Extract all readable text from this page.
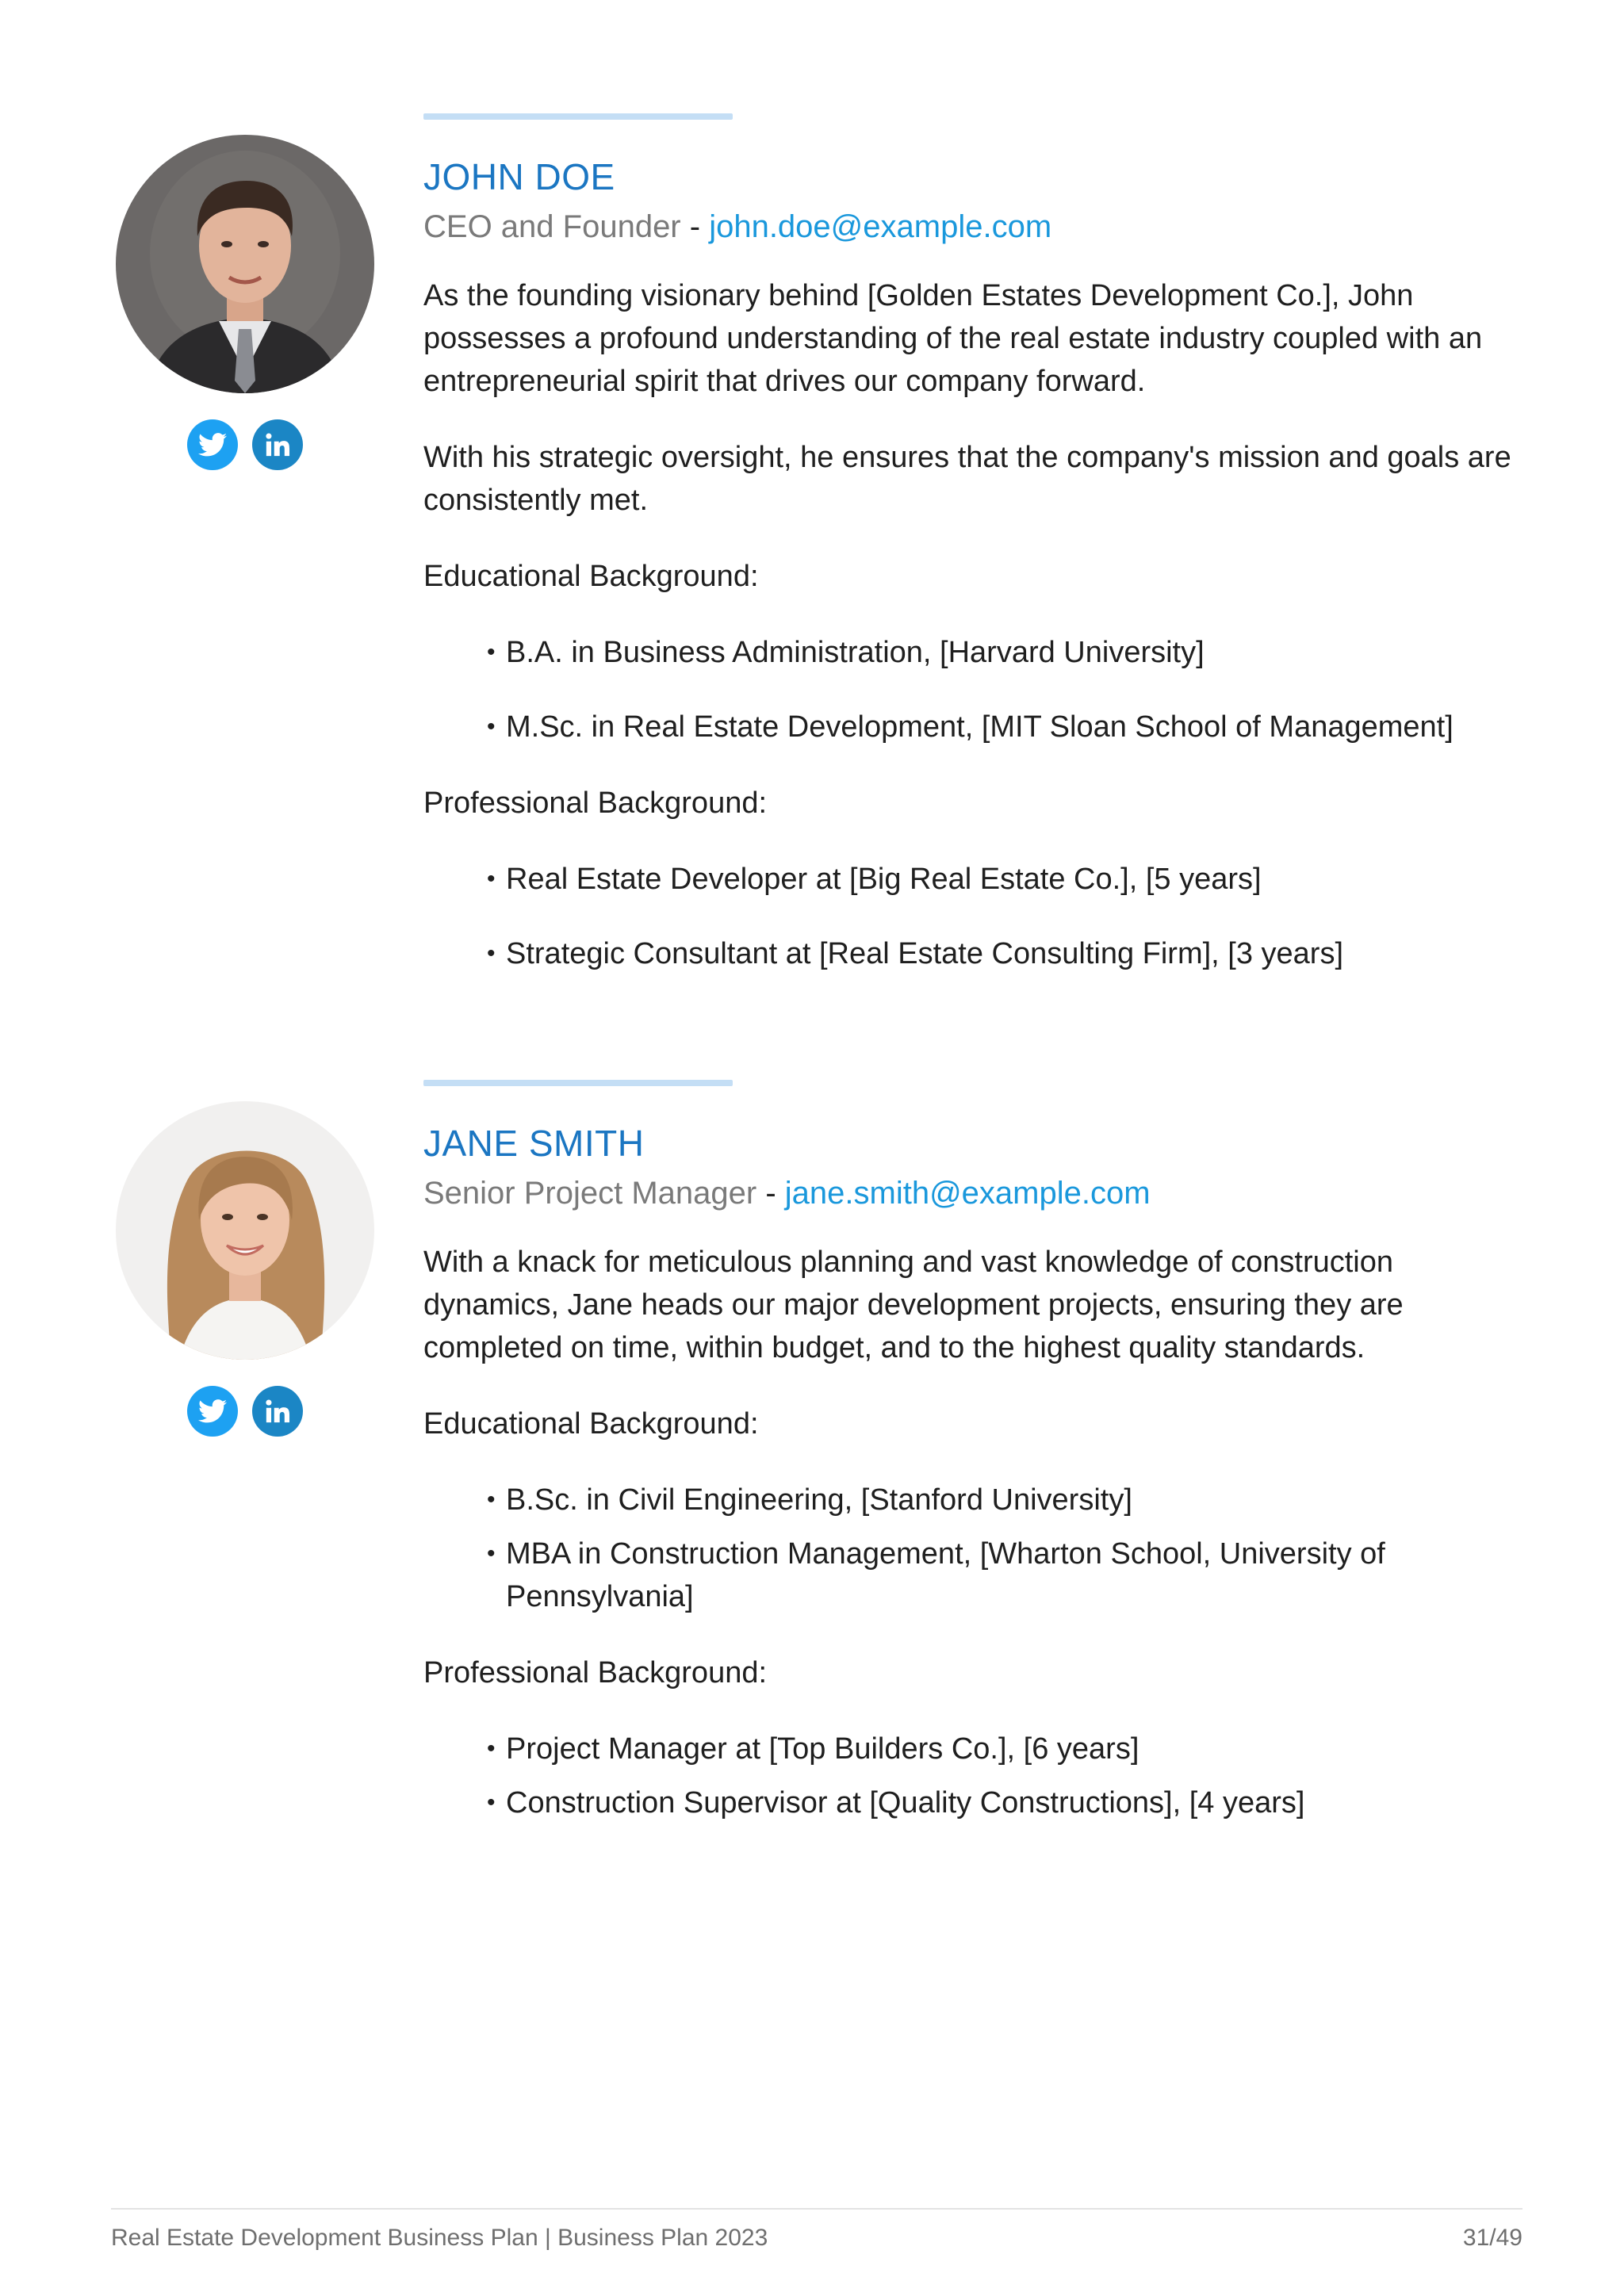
JOHN DOE
CEO and Founder - john.doe@example.com

As the founding visionary behind [Golden Estates Development Co.], John possesses a profound understanding of the real estate industry coupled with an entrepreneurial spirit that drives our company forward.

With his strategic oversight, he ensures that the company's mission and goals are consistently met.

Educational Background:

• B.A. in Business Administration, [Harvard University]
• M.Sc. in Real Estate Development, [MIT Sloan School of Management]

Professional Background:

• Real Estate Developer at [Big Real Estate Co.], [5 years]
• Strategic Consultant at [Real Estate Consulting Firm], [3 years]
JANE SMITH
Senior Project Manager - jane.smith@example.com

With a knack for meticulous planning and vast knowledge of construction dynamics, Jane heads our major development projects, ensuring they are completed on time, within budget, and to the highest quality standards.

Educational Background:

• B.Sc. in Civil Engineering, [Stanford University]
• MBA in Construction Management, [Wharton School, University of Pennsylvania]

Professional Background:

• Project Manager at [Top Builders Co.], [6 years]
• Construction Supervisor at [Quality Constructions], [4 years]
Real Estate Development Business Plan | Business Plan 2023	31/49
